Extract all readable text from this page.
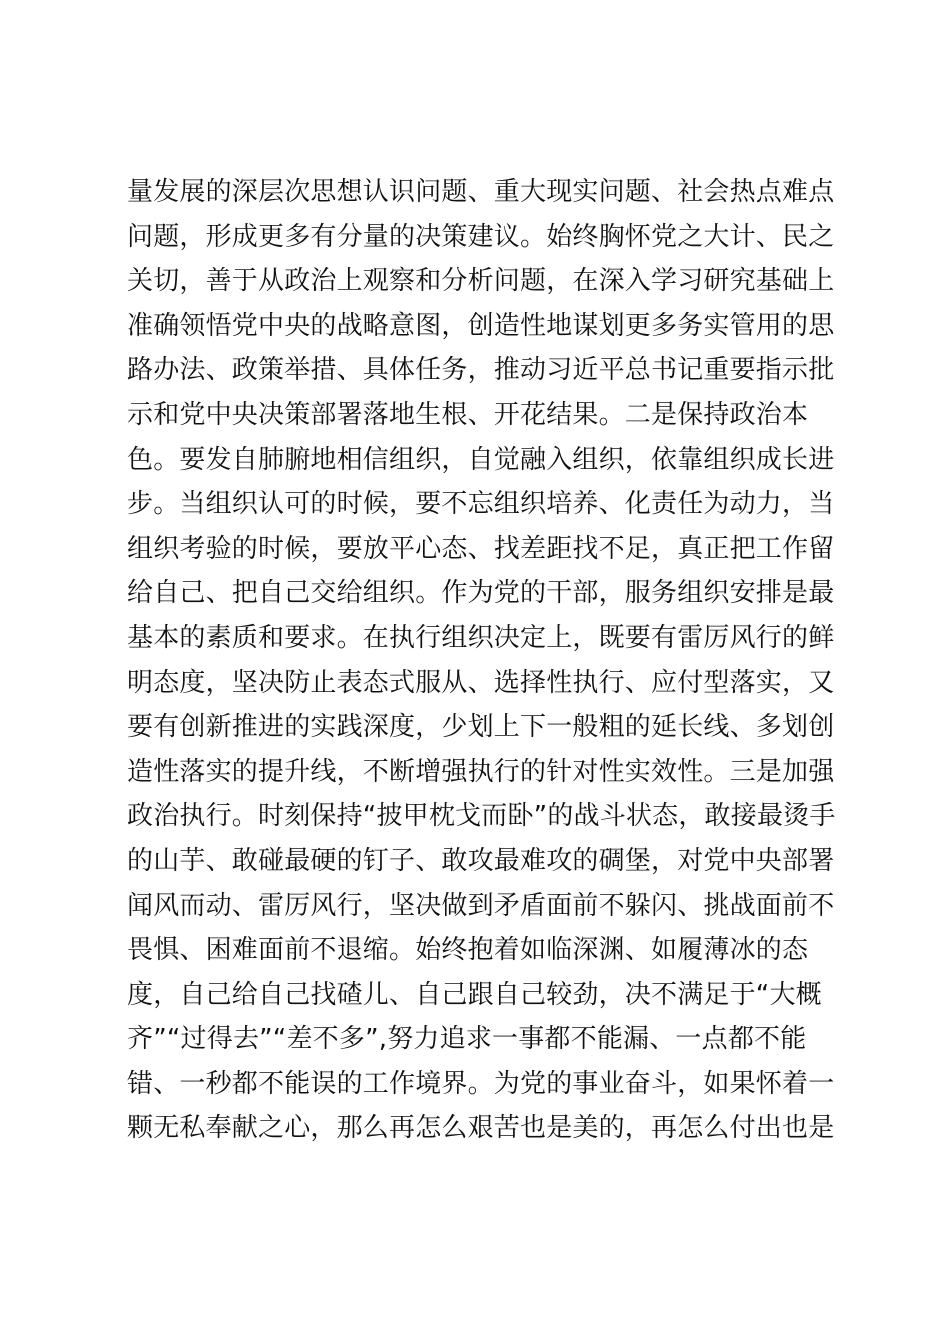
量发展的深层次思想认识问题、重大现实问题、社会热点难点
问题，形成更多有分量的决策建议。始终胸怀党之大计、民之
关切，善于从政治上观察和分析问题，在深入学习研究基础上
准确领悟党中央的战略意图，创造性地谋划更多务实管用的思
路办法、政策举措、具体任务，推动习近平总书记重要指示批
示和党中央决策部署落地生根、开花结果。二是保持政治本
色。要发自肺腑地相信组织，自觉融入组织，依靠组织成长进
步。当组织认可的时候，要不忘组织培养、化责任为动力，当
组织考验的时候，要放平心态、找差距找不足，真正把工作留
给自己、把自己交给组织。作为党的干部，服务组织安排是最
基本的素质和要求。在执行组织决定上，既要有雷厉风行的鲜
明态度，坚决防止表态式服从、选择性执行、应付型落实，又
要有创新推进的实践深度，少划上下一般粗的延长线、多划创
造性落实的提升线，不断增强执行的针对性实效性。三是加强
政治执行。时刻保持“披甲枕戈而卧”的战斗状态，敢接最烫手
的山芋、敢碰最硬的钉子、敢攻最难攻的碉堡，对党中央部署
闻风而动、雷厉风行，坚决做到矛盾面前不躲闪、挑战面前不
畏惧、困难面前不退缩。始终抱着如临深渊、如履薄冰的态
度，自己给自己找碴儿、自己跟自己较劲，决不满足于“大概
齐”“过得去”“差不多”,努力追求一事都不能漏、一点都不能
错、一秒都不能误的工作境界。为党的事业奋斗，如果怀着一
颗无私奉献之心，那么再怎么艰苦也是美的，再怎么付出也是
